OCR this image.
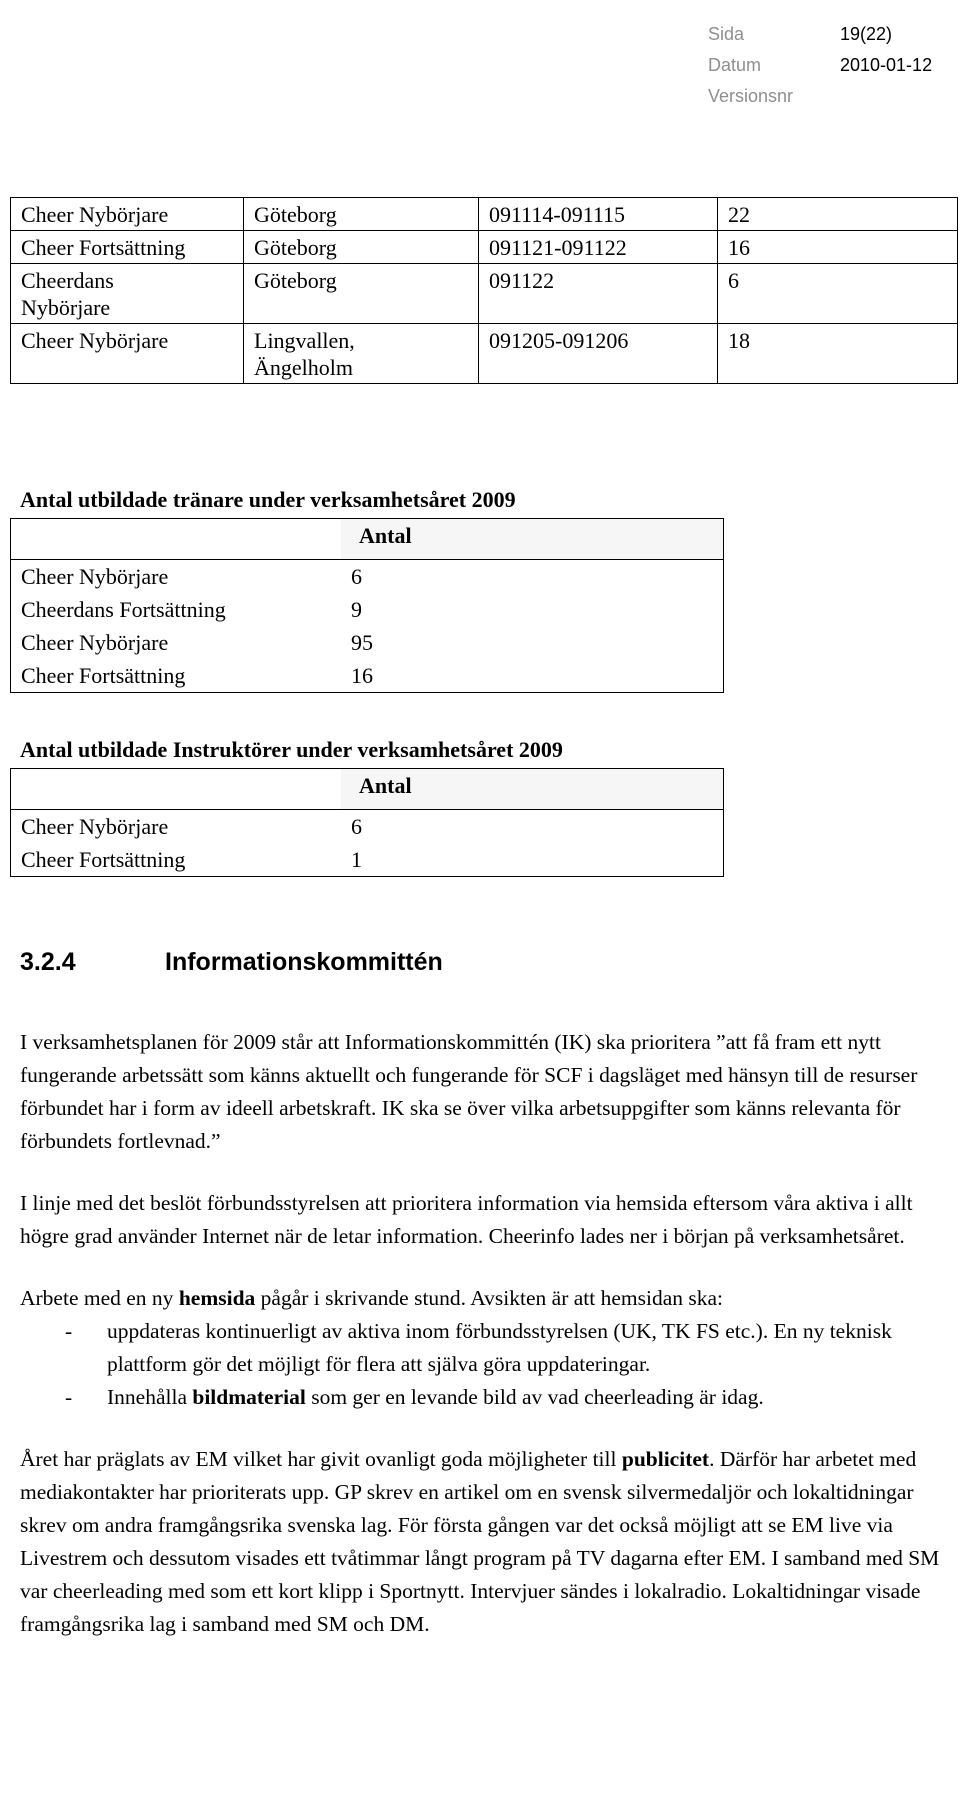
Sida	19(22)
Datum	2010-01-12
Versionsnr
Cheer Nybörjare	Göteborg	091114-091115	22
Cheer Fortsättning	Göteborg	091121-091122	16
Cheerdans Nybörjare	Göteborg	091122	6
Cheer Nybörjare	Lingvallen, Ängelholm	091205-091206	18
Antal utbildade tränare under verksamhetsåret 2009
	Antal
Cheer Nybörjare	6
Cheerdans Fortsättning	9
Cheer Nybörjare	95
Cheer Fortsättning	16
Antal utbildade Instruktörer under verksamhetsåret 2009
	Antal
Cheer Nybörjare	6
Cheer Fortsättning	1
3.2.4	Informationskommittén

I verksamhetsplanen för 2009 står att Informationskommittén (IK) ska prioritera ”att få fram ett nytt fungerande arbetssätt som känns aktuellt och fungerande för SCF i dagsläget med hänsyn till de resurser förbundet har i form av ideell arbetskraft. IK ska se över vilka arbetsuppgifter som känns relevanta för förbundets fortlevnad.”

I linje med det beslöt förbundsstyrelsen att prioritera information via hemsida eftersom våra aktiva i allt högre grad använder Internet när de letar information. Cheerinfo lades ner i början på verksamhetsåret.

Arbete med en ny hemsida pågår i skrivande stund. Avsikten är att hemsidan ska:
-	uppdateras kontinuerligt av aktiva inom förbundsstyrelsen (UK, TK FS etc.). En ny teknisk plattform gör det möjligt för flera att själva göra uppdateringar.
-	Innehålla bildmaterial som ger en levande bild av vad cheerleading är idag.

Året har präglats av EM vilket har givit ovanligt goda möjligheter till publicitet. Därför har arbetet med mediakontakter har prioriterats upp. GP skrev en artikel om en svensk silvermedaljör och lokaltidningar skrev om andra framgångsrika svenska lag. För första gången var det också möjligt att se EM live via Livestrem och dessutom visades ett tvåtimmar långt program på TV dagarna efter EM. I samband med SM var cheerleading med som ett kort klipp i Sportnytt. Intervjuer sändes i lokalradio. Lokaltidningar visade framgångsrika lag i samband med SM och DM.
